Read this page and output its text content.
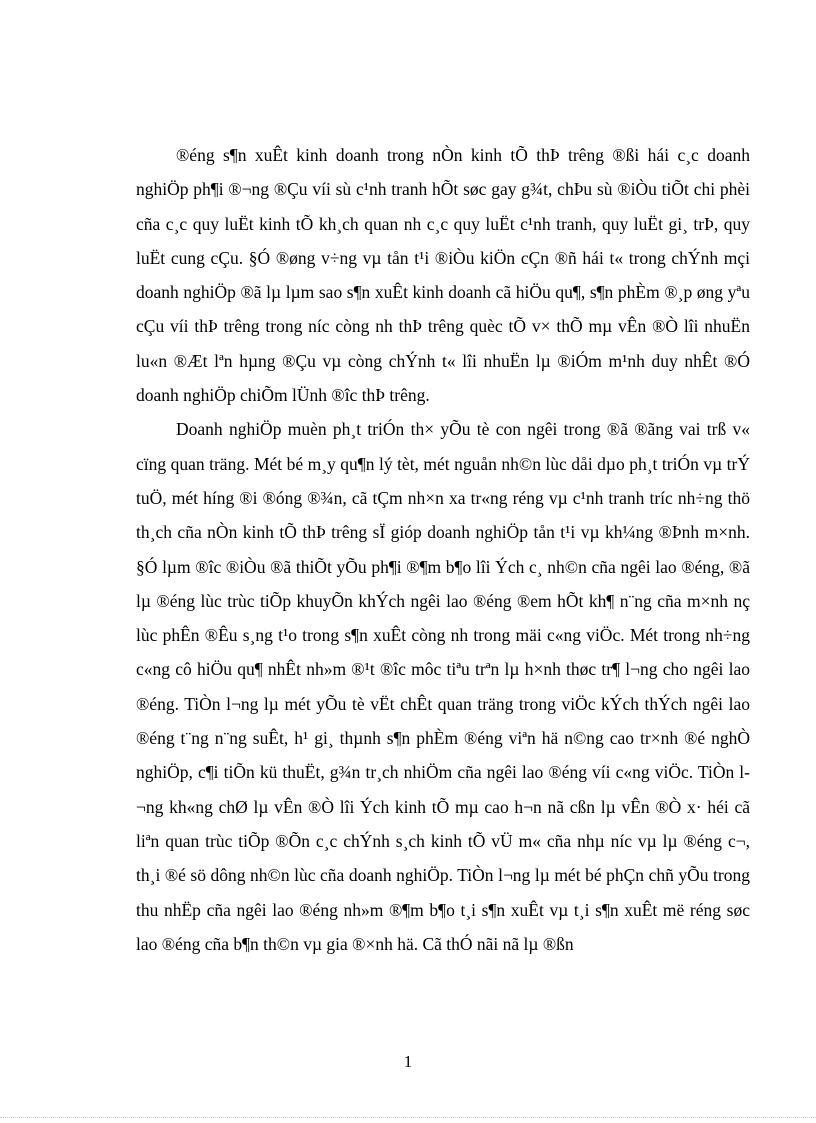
®éng s¶n xuÊt kinh doanh trong nÒn kinh tÕ thÞ trêng ®ßi hái c¸c doanh nghiÖp ph¶i ®¬ng ®Çu víi sù c¹nh tranh hÕt søc gay g¾t, chÞu sù ®iÒu tiÕt chi phèi cña c¸c quy luËt kinh tÕ kh¸ch quan nh c¸c quy luËt c¹nh tranh, quy luËt gi¸ trÞ, quy luËt cung cÇu. §Ó ®øng v÷ng vµ tån t¹i ®iÒu kiÖn cÇn ®ñ hái t« trong chÝnh mçi doanh nghiÖp ®ã lµ lµm sao s¶n xuÊt kinh doanh cã hiÖu qu¶, s¶n phÈm ®¸p øng yªu cÇu víi thÞ trêng trong níc còng nh thÞ trêng quèc tÕ v× thÕ mµ vÊn ®Ò lîi nhuËn lu«n ®Æt lªn hµng ®Çu vµ còng chÝnh t« lîi nhuËn lµ ®iÓm m¹nh duy nhÊt ®Ó doanh nghiÖp chiÕm lÜnh ®îc thÞ trêng.

Doanh nghiÖp muèn ph¸t triÓn th× yÕu tè con ngêi trong ®ã ®ãng vai trß v« cïng quan träng. Mét bé m¸y qu¶n lý tèt, mét nguån nh©n lùc dåi dµo ph¸t triÓn vµ trÝ tuÖ, mét híng ®i ®óng ®¾n, cã tÇm nh×n xa tr«ng réng vµ c¹nh tranh tríc nh÷ng thö th¸ch cña nÒn kinh tÕ thÞ trêng sÏ gióp doanh nghiÖp tån t¹i vµ kh¼ng ®Þnh m×nh. §Ó lµm ®îc ®iÒu ®ã thiÕt yÕu ph¶i ®¶m b¶o lîi Ých c¸ nh©n cña ngêi lao ®éng, ®ã lµ ®éng lùc trùc tiÕp khuyÕn khÝch ngêi lao ®éng ®em hÕt kh¶ n¨ng cña m×nh nç lùc phÊn ®Êu s¸ng t¹o trong s¶n xuÊt còng nh trong mäi c«ng viÖc. Mét trong nh÷ng c«ng cô hiÖu qu¶ nhÊt nh»m ®¹t ®îc môc tiªu trªn lµ h×nh thøc tr¶ l¬ng cho ngêi lao ®éng. TiÒn l¬ng lµ mét yÕu tè vËt chÊt quan träng trong viÖc kÝch thÝch ngêi lao ®éng t¨ng n¨ng suÊt, h¹ gi¸ thµnh s¶n phÈm ®éng viªn hä n©ng cao tr×nh ®é nghÒ nghiÖp, c¶i tiÕn kü thuËt, g¾n tr¸ch nhiÖm cña ngêi lao ®éng víi c«ng viÖc. TiÒn l¬ng kh«ng chØ lµ vÊn ®Ò lîi Ých kinh tÕ mµ cao h¬n nã cßn lµ vÊn ®Ò x· héi cã liªn quan trùc tiÕp ®Õn c¸c chÝnh s¸ch kinh tÕ vÜ m« cña nhµ níc vµ lµ ®éng c¬, th¸i ®é sö dông nh©n lùc cña doanh nghiÖp. TiÒn l¬ng lµ mét bé phÇn chñ yÕu trong thu nhËp cña ngêi lao ®éng nh»m ®¶m b¶o t¸i s¶n xuÊt vµ t¸i s¶n xuÊt më réng søc lao ®éng cña b¶n th©n vµ gia ®×nh hä. Cã thÓ nãi nã lµ ®ßn

1
